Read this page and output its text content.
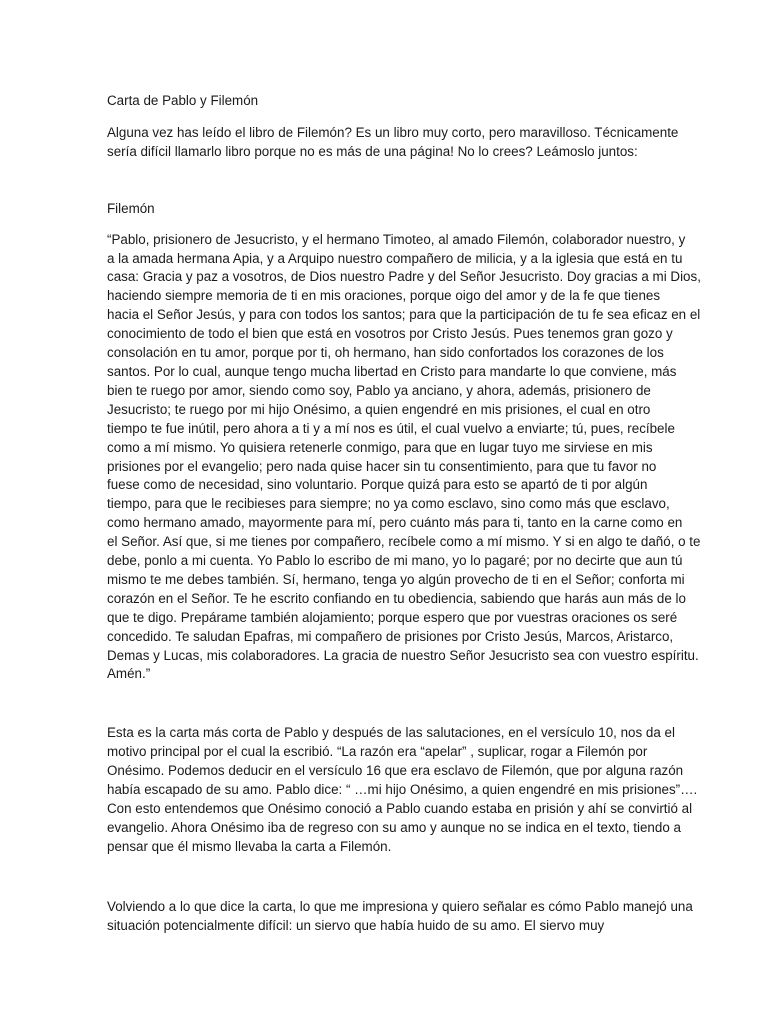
Carta de Pablo y Filemón

Alguna vez has leído el libro de Filemón? Es un libro muy corto, pero maravilloso. Técnicamente

sería difícil llamarlo libro porque no es más de una página! No lo crees? Leámoslo juntos:

Filemón

“Pablo, prisionero de Jesucristo, y el hermano Timoteo, al amado Filemón, colaborador nuestro, y

a la amada hermana Apia, y a Arquipo nuestro compañero de milicia, y a la iglesia que está en tu

casa: Gracia y paz a vosotros, de Dios nuestro Padre y del Señor Jesucristo. Doy gracias a mi Dios,

haciendo siempre memoria de ti en mis oraciones, porque oigo del amor y de la fe que tienes

hacia el Señor Jesús, y para con todos los santos; para que la participación de tu fe sea eficaz en el

conocimiento de todo el bien que está en vosotros por Cristo Jesús. Pues tenemos gran gozo y

consolación en tu amor, porque por ti, oh hermano, han sido confortados los corazones de los

santos. Por lo cual, aunque tengo mucha libertad en Cristo para mandarte lo que conviene, más

bien te ruego por amor, siendo como soy, Pablo ya anciano, y ahora, además, prisionero de

Jesucristo; te ruego por mi hijo Onésimo, a quien engendré en mis prisiones, el cual en otro

tiempo te fue inútil, pero ahora a ti y a mí nos es útil, el cual vuelvo a enviarte; tú, pues, recíbele

como a mí mismo. Yo quisiera retenerle conmigo, para que en lugar tuyo me sirviese en mis

prisiones por el evangelio; pero nada quise hacer sin tu consentimiento, para que tu favor no

fuese como de necesidad, sino voluntario. Porque quizá para esto se apartó de ti por algún

tiempo, para que le recibieses para siempre; no ya como esclavo, sino como más que esclavo,

como hermano amado, mayormente para mí, pero cuánto más para ti, tanto en la carne como en

el Señor. Así que, si me tienes por compañero, recíbele como a mí mismo. Y si en algo te dañó, o te

debe, ponlo a mi cuenta. Yo Pablo lo escribo de mi mano, yo lo pagaré; por no decirte que aun tú

mismo te me debes también. Sí, hermano, tenga yo algún provecho de ti en el Señor; conforta mi

corazón en el Señor. Te he escrito confiando en tu obediencia, sabiendo que harás aun más de lo

que te digo. Prepárame también alojamiento; porque espero que por vuestras oraciones os seré

concedido. Te saludan Epafras, mi compañero de prisiones por Cristo Jesús, Marcos, Aristarco,

Demas y Lucas, mis colaboradores. La gracia de nuestro Señor Jesucristo sea con vuestro espíritu.

Amén.”

Esta es la carta más corta de Pablo y después de las salutaciones, en el versículo 10, nos da el

motivo principal por el cual la escribió. “La razón era “apelar” , suplicar, rogar a Filemón por

Onésimo. Podemos deducir en el versículo 16 que era esclavo de Filemón, que por alguna razón

había escapado de su amo. Pablo dice: “ …mi hijo Onésimo, a quien engendré en mis prisiones”….

Con esto entendemos que Onésimo conoció a Pablo cuando estaba en prisión y ahí se convirtió al

evangelio. Ahora Onésimo iba de regreso con su amo y aunque no se indica en el texto, tiendo a

pensar que él mismo llevaba la carta a Filemón.

Volviendo a lo que dice la carta, lo que me impresiona y quiero señalar es cómo Pablo manejó una

situación potencialmente difícil: un siervo que había huido de su amo. El siervo muy
